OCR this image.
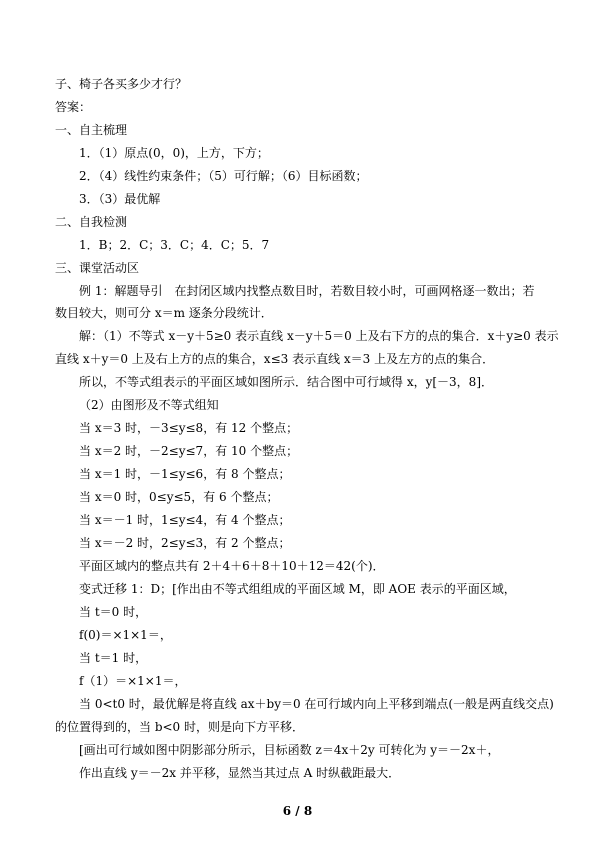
子、椅子各买多少才行？
答案：
一、自主梳理
1．（1）原点(0，0)，上方，下方；
2．（4）线性约束条件；（5）可行解；（6）目标函数；
3．（3）最优解
二、自我检测
1．B；2．C；3．C；4．C；5．7
三、课堂活动区
例 1：解题导引　在封闭区域内找整点数目时，若数目较小时，可画网格逐一数出；若
数目较大，则可分 x＝m 逐条分段统计．
解：（1）不等式 x－y＋5≥0 表示直线 x－y＋5＝0 上及右下方的点的集合．x＋y≥0 表示
直线 x＋y＝0 上及右上方的点的集合，x≤3 表示直线 x＝3 上及左方的点的集合．
所以，不等式组表示的平面区域如图所示．结合图中可行域得 x，y[－3，8]．
（2）由图形及不等式组知
当 x＝3 时，－3≤y≤8，有 12 个整点；
当 x＝2 时，－2≤y≤7，有 10 个整点；
当 x＝1 时，－1≤y≤6，有 8 个整点；
当 x＝0 时，0≤y≤5，有 6 个整点；
当 x＝－1 时，1≤y≤4，有 4 个整点；
当 x＝－2 时，2≤y≤3，有 2 个整点；
平面区域内的整点共有 2＋4＋6＋8＋10＋12＝42(个)．
变式迁移 1：D；[作出由不等式组组成的平面区域 M，即 AOE 表示的平面区域，
当 t＝0 时，
f(0)＝×1×1＝，
当 t＝1 时，
f（1）＝×1×1＝，
当 0<t0 时，最优解是将直线 ax＋by＝0 在可行域内向上平移到端点(一般是两直线交点)
的位置得到的，当 b<0 时，则是向下方平移．
[画出可行域如图中阴影部分所示，目标函数 z＝4x＋2y 可转化为 y＝－2x＋，
作出直线 y＝－2x 并平移，显然当其过点 A 时纵截距最大．
6 / 8
